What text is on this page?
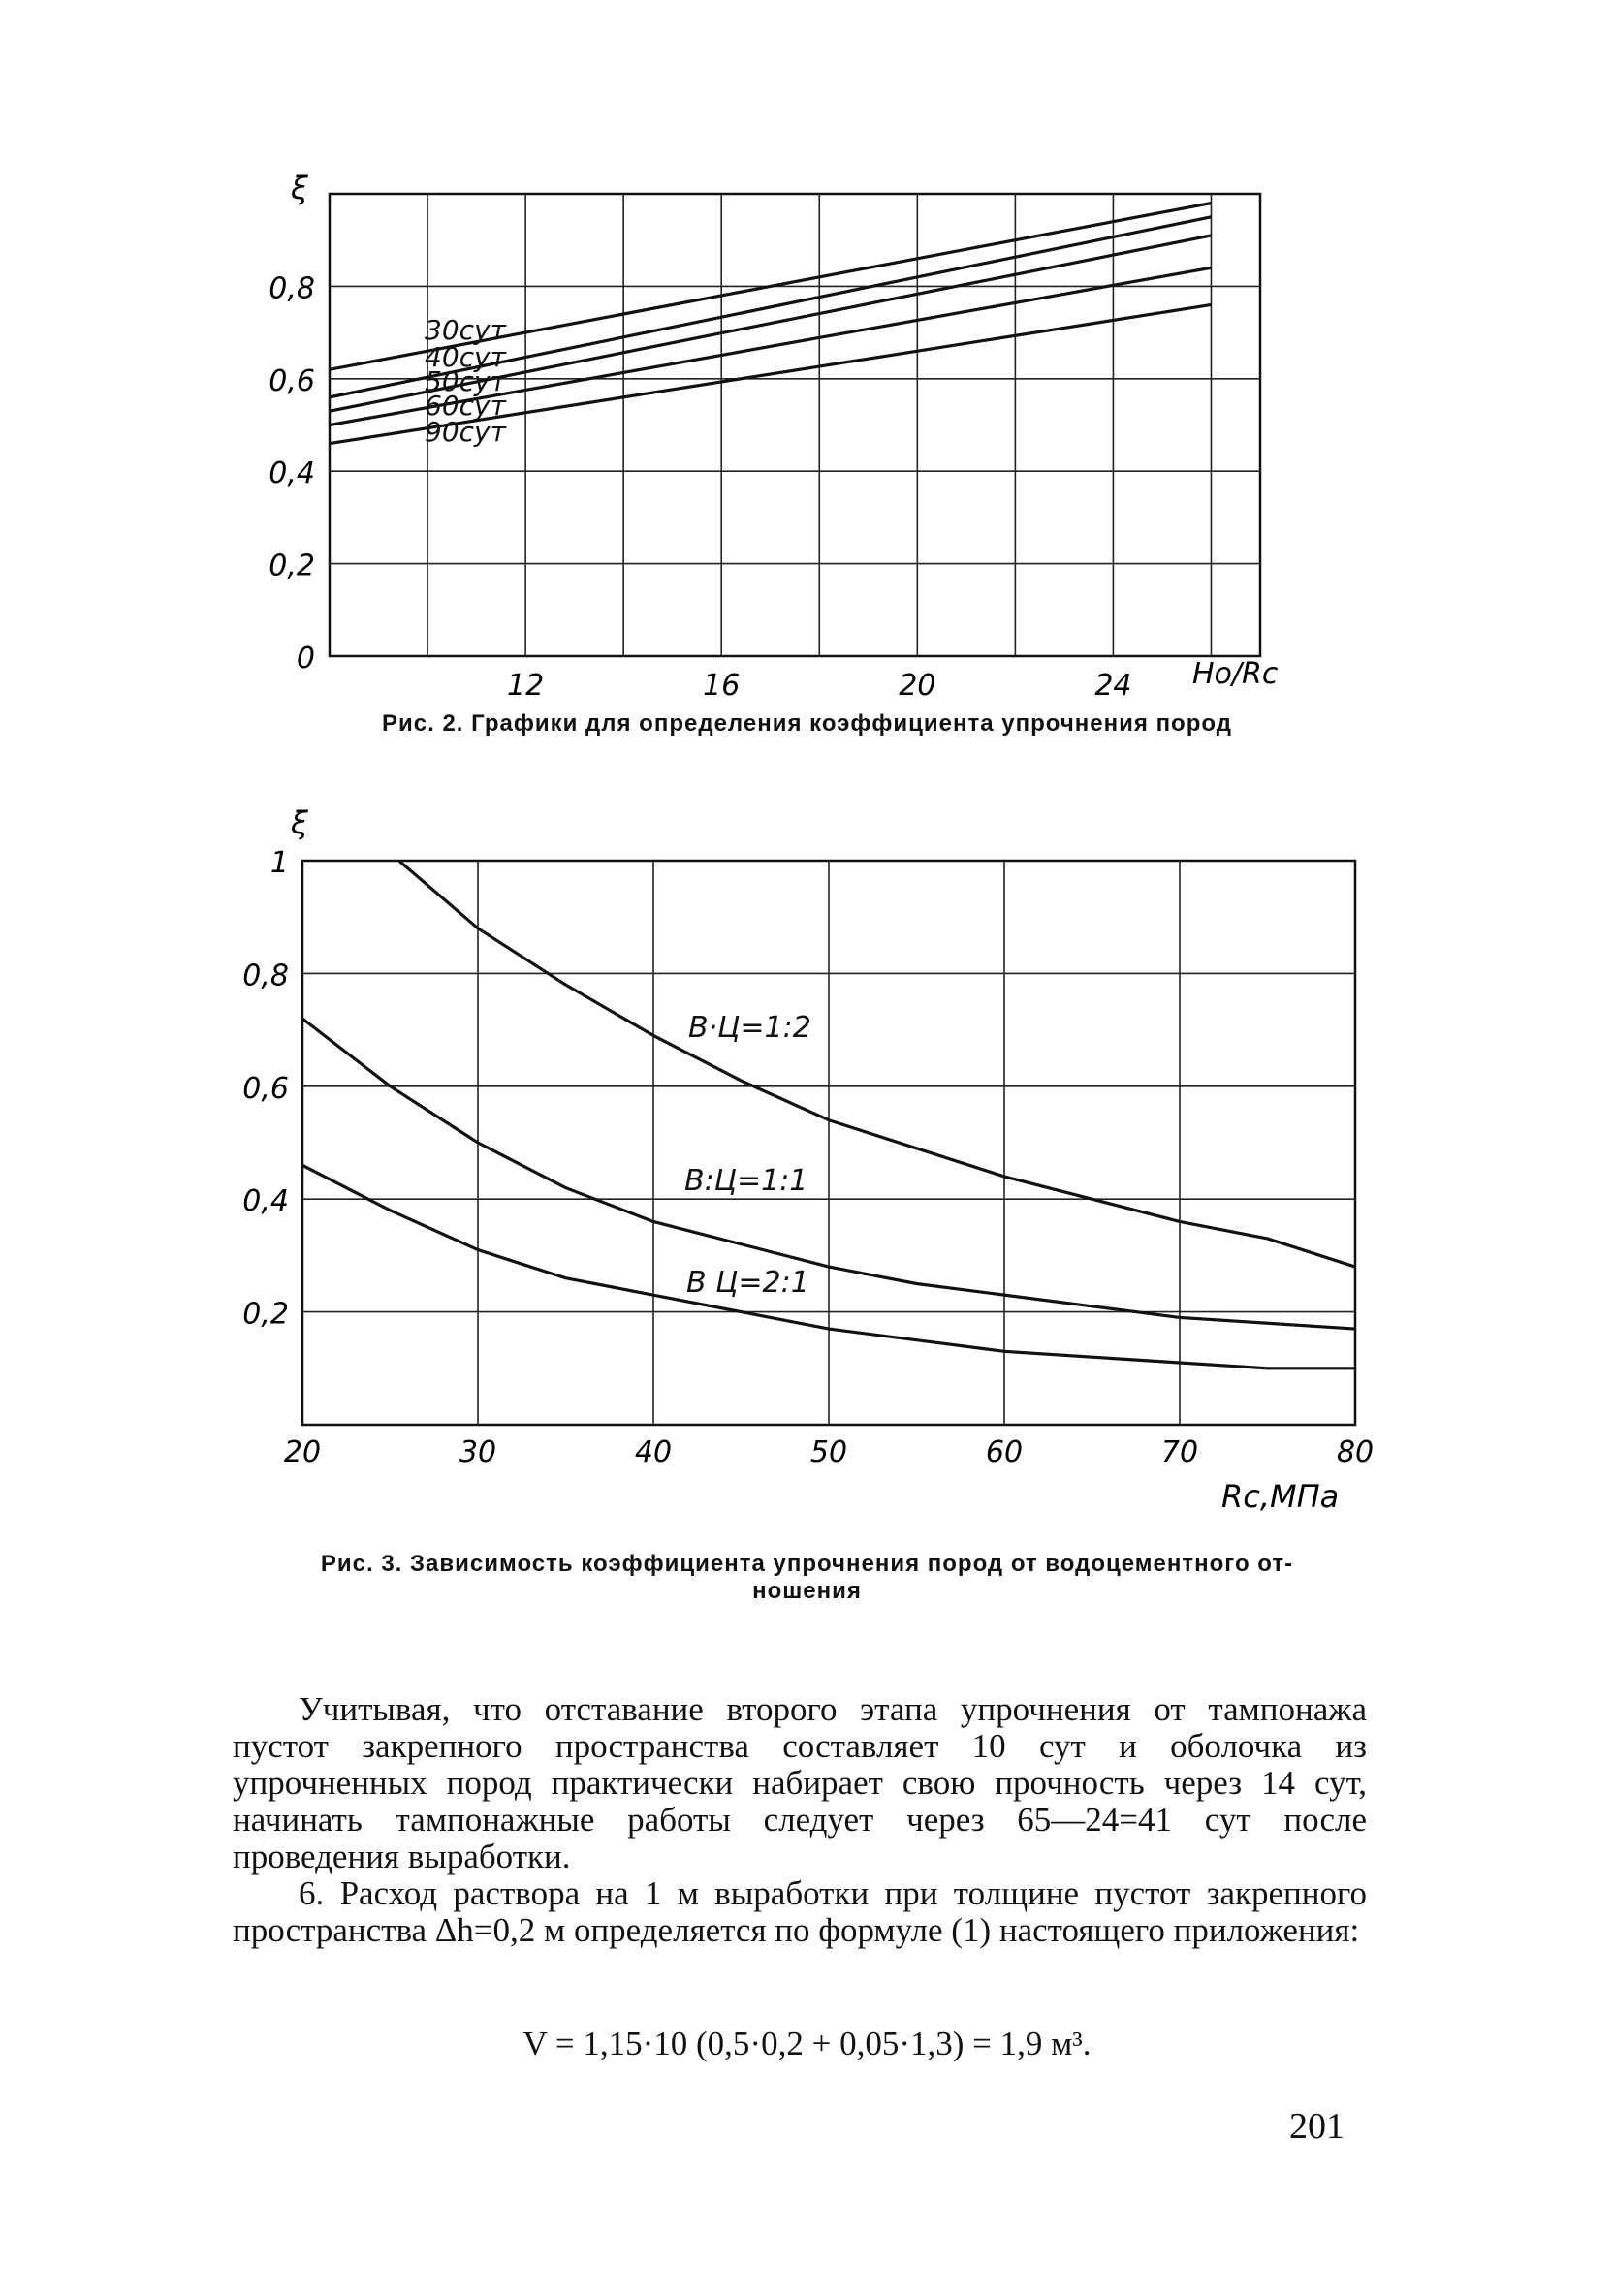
ξ
12	16	20	24
0
0,2
0,4
0,6
0,8
30сут
40сут
50сут
60сут
90сут
Hо/Rс
ξ
20	30	40	50	60	70	80
0,2
0,4
0,6
0,8
1
В·Ц=1:2
В:Ц=1:1
В Ц=2:1
Rс,МПа
Рис. 2. Графики для определения коэффициента упрочнения пород
Рис. 3. Зависимость коэффициента упрочнения пород от водоцементного от-
ношения

Учитывая, что отставание второго этапа упрочнения от тампонажа пустот закрепного пространства составляет 10 сут и оболочка из упрочненных пород практически набирает свою прочность через 14 сут, начинать тампонажные работы следует через 65—24=41 сут после проведения выработки.

6. Расход раствора на 1 м выработки при толщине пустот закрепного пространства Δh=0,2 м определяется по формуле (1) настоящего приложения:

V = 1,15·10 (0,5·0,2 + 0,05·1,3) = 1,9 м³.
201
